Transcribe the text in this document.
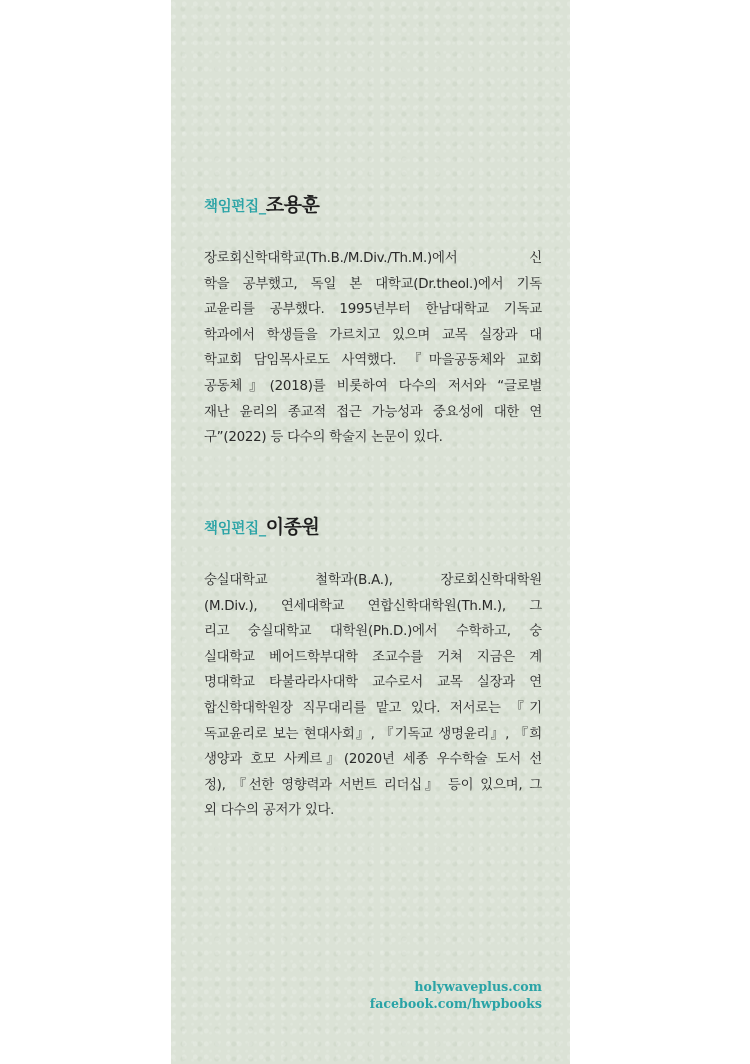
책임편집_조용훈
장로회신학대학교(Th.B./M.Div./Th.M.)에서 신
학을 공부했고, 독일 본 대학교(Dr.theol.)에서 기독
교윤리를 공부했다. 1995년부터 한남대학교 기독교
학과에서 학생들을 가르치고 있으며 교목 실장과 대
학교회 담임목사로도 사역했다. 『마을공동체와 교회
공동체』(2018)를 비롯하여 다수의 저서와 “글로벌
재난 윤리의 종교적 접근 가능성과 중요성에 대한 연
구”(2022) 등 다수의 학술지 논문이 있다.
책임편집_이종원
숭실대학교 철학과(B.A.), 장로회신학대학원
(M.Div.), 연세대학교 연합신학대학원(Th.M.), 그
리고 숭실대학교 대학원(Ph.D.)에서 수학하고, 숭
실대학교 베어드학부대학 조교수를 거쳐 지금은 계
명대학교 타불라라사대학 교수로서 교목 실장과 연
합신학대학원장 직무대리를 맡고 있다. 저서로는 『기
독교윤리로 보는 현대사회』, 『기독교 생명윤리』, 『희
생양과 호모 사케르』(2020년 세종 우수학술 도서 선
정), 『선한 영향력과 서번트 리더십』 등이 있으며, 그
외 다수의 공저가 있다.
holywaveplus.com
facebook.com/hwpbooks
